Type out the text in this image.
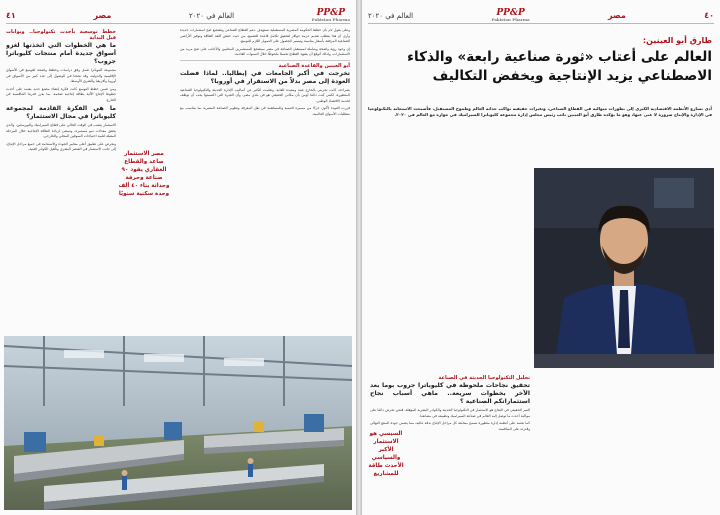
٤١	مصر	العالم في ٢٠٢٠	PP&P
Pakistan Pharma

وعلى يقول تام بأن خطط الحكومة المصرية المستقبلية تستهدف دعم القطاع الصناعي وتشجيع ضخ استثمارات جديدة وأرى أن هذا يتطلب تقديم حزمة حوافز لتحقيق تكامل قاعدة للتصنيع، من حيث خفض كلفة الطاقة وتوفير الأراضي الصناعية المرفقة بأسعار مناسبة وتيسير الحصول على التمويل اللازم للتوسع.

إن وجود رؤية واضحة وشاملة لمستقبل الصناعة في مصر سيشجع المستثمرين المحليين والأجانب على ضخ مزيد من الاستثمارات، ولذلك أتوقع أن يشهد القطاع تحسنًا ملحوظًا خلال السنوات القادمة.

أبو العينين والقاعدة الصناعية
تخرجت في أكبر الجامعات في إيطاليا.. لماذا فضلت العودة إلى مصر بدلاً من الاستقرار في أوروبا؟

بصراحة، كانت تجربتي بالخارج غنية ومفيدة للغاية، وتعلمت الكثير عن أساليب الإدارة الحديثة والتكنولوجيا الصناعية المتطورة، لكنني كنت دائمًا أؤمن بأن مكاني الحقيقي هو في بلدي مصر، وأن الخبرة التي اكتسبتها يجب أن توظف لخدمة الاقتصاد الوطني.

قررت العودة لأكون جزءًا من مسيرة التنمية وللمساهمة في نقل المعرفة وتطوير الصناعة المصرية بما يتناسب مع متطلبات الأسواق العالمية.

مصر الاستثمار صاعد والقطاع العقاري يقود ٩٠ صناعة وحرفة وحداثة بناء ٤٠ ألف وحدة سكنية سنويًا
خطط توسعية بأحدث تكنولوجيا.. وبوابات قبل البداية
ما هي الخطوات التي اتخذتها لغزو أسواق جديدة أمام منتجات كليوباترا جروب؟

مجموعة كليوباترا تعمل وفق دراسات وخطط واضحة للتوسع في الأسواق الإقليمية والدولية، وقد نجحنا في الوصول إلى عدد كبير من الأسواق في أوروبا وأفريقيا والشرق الأوسط.

ومن ضمن خطط التوسع كانت فكرة إنشاء مصنع جديد يعتمد على أحدث خطوط الإنتاج الآلية بطاقة إنتاجية ضخمة، بما يعزز قدرتنا التنافسية في الخارج.

ما هي الفكرة القادمة لمجموعة كليوباترا في مجال الاستثمار؟

الاستثمار ينصب في الوقت الحالي على قطاع السيراميك والبورسلين، والذي يحقق معدلات نمو مستمرة، ونسعى لزيادة الطاقة الإنتاجية خلال المرحلة المقبلة لتلبية احتياجات السوقين المحلي والخارجي.

ونحرص على تطبيق أعلى معايير الجودة والاستدامة في جميع مراحل الإنتاج، إلى جانب الاستثمار في العنصر البشري وتأهيل الكوادر الفنية.

العالم في ٢٠٢٠	PP&P
Pakistan Pharma	مصر	٤٠
طارق أبو العينين:
العالم على أعتاب «ثورة صناعية رابعة» والذكاء الاصطناعي يزيد الإنتاجية ويخفض التكاليف
أدى تسارع الأنظمة الاقتصادية الكبرى إلى تطورات متوالية في القطاع الصناعي، وتغيرات حقيقية تواكب حداثة العالم وطموح المستقبل، فأصبحت الاستعانة بالتكنولوجيا في الإدارة والإنتاج ضرورة لا غنى عنها، وهو ما يؤكده طارق أبو العينين نائب رئيس مجلس إدارة مجموعة كليوباترا للسيراميك في حواره مع العالم في ٢٠٢٠.

تحليل التكنولوجيا الحديثة في الصناعة
تحقيق نجاحات ملحوظة في كليوباترا جروب بوما بعد الآخر بخطوات سريعة.. ماهي أسباب نجاح استثماراتكم الصناعية ؟

السر الحقيقي في النجاح هو الاستثمار في التكنولوجيا الحديثة والكوادر البشرية المؤهلة، فنحن نحرص دائمًا على مواكبة أحدث ما توصل إليه العالم في صناعة السيراميك وتطبيقه في مصانعنا.

كما نعتمد على أنظمة إدارة متطورة تسمح بمتابعة كل مراحل الإنتاج بدقة عالية، مما يضمن جودة المنتج النهائي وقدرته على المنافسة.

السيسي هو الاستثمار الأكبر والسياسي الأحدث طاقة للمشاريع
